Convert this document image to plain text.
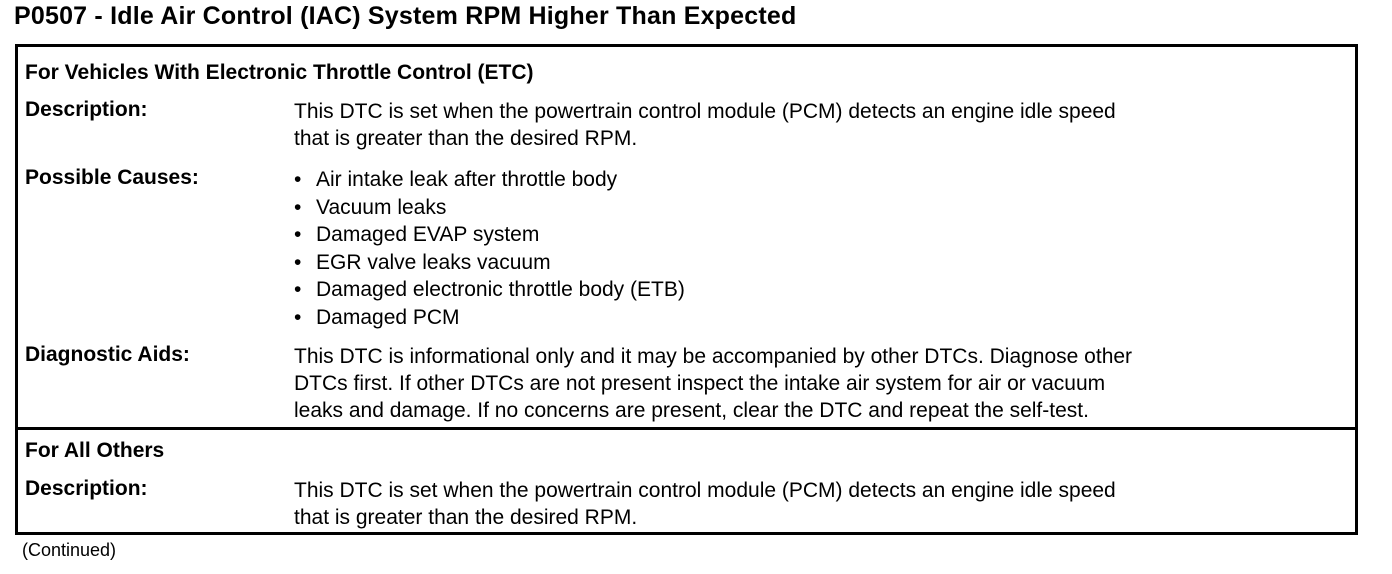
P0507 - Idle Air Control (IAC) System RPM Higher Than Expected
For Vehicles With Electronic Throttle Control (ETC)
Description:	This DTC is set when the powertrain control module (PCM) detects an engine idle speed
that is greater than the desired RPM.
Possible Causes:	• Air intake leak after throttle body
• Vacuum leaks
• Damaged EVAP system
• EGR valve leaks vacuum
• Damaged electronic throttle body (ETB)
• Damaged PCM
Diagnostic Aids:	This DTC is informational only and it may be accompanied by other DTCs. Diagnose other
DTCs first. If other DTCs are not present inspect the intake air system for air or vacuum
leaks and damage. If no concerns are present, clear the DTC and repeat the self-test.
For All Others
Description:	This DTC is set when the powertrain control module (PCM) detects an engine idle speed
that is greater than the desired RPM.
(Continued)
